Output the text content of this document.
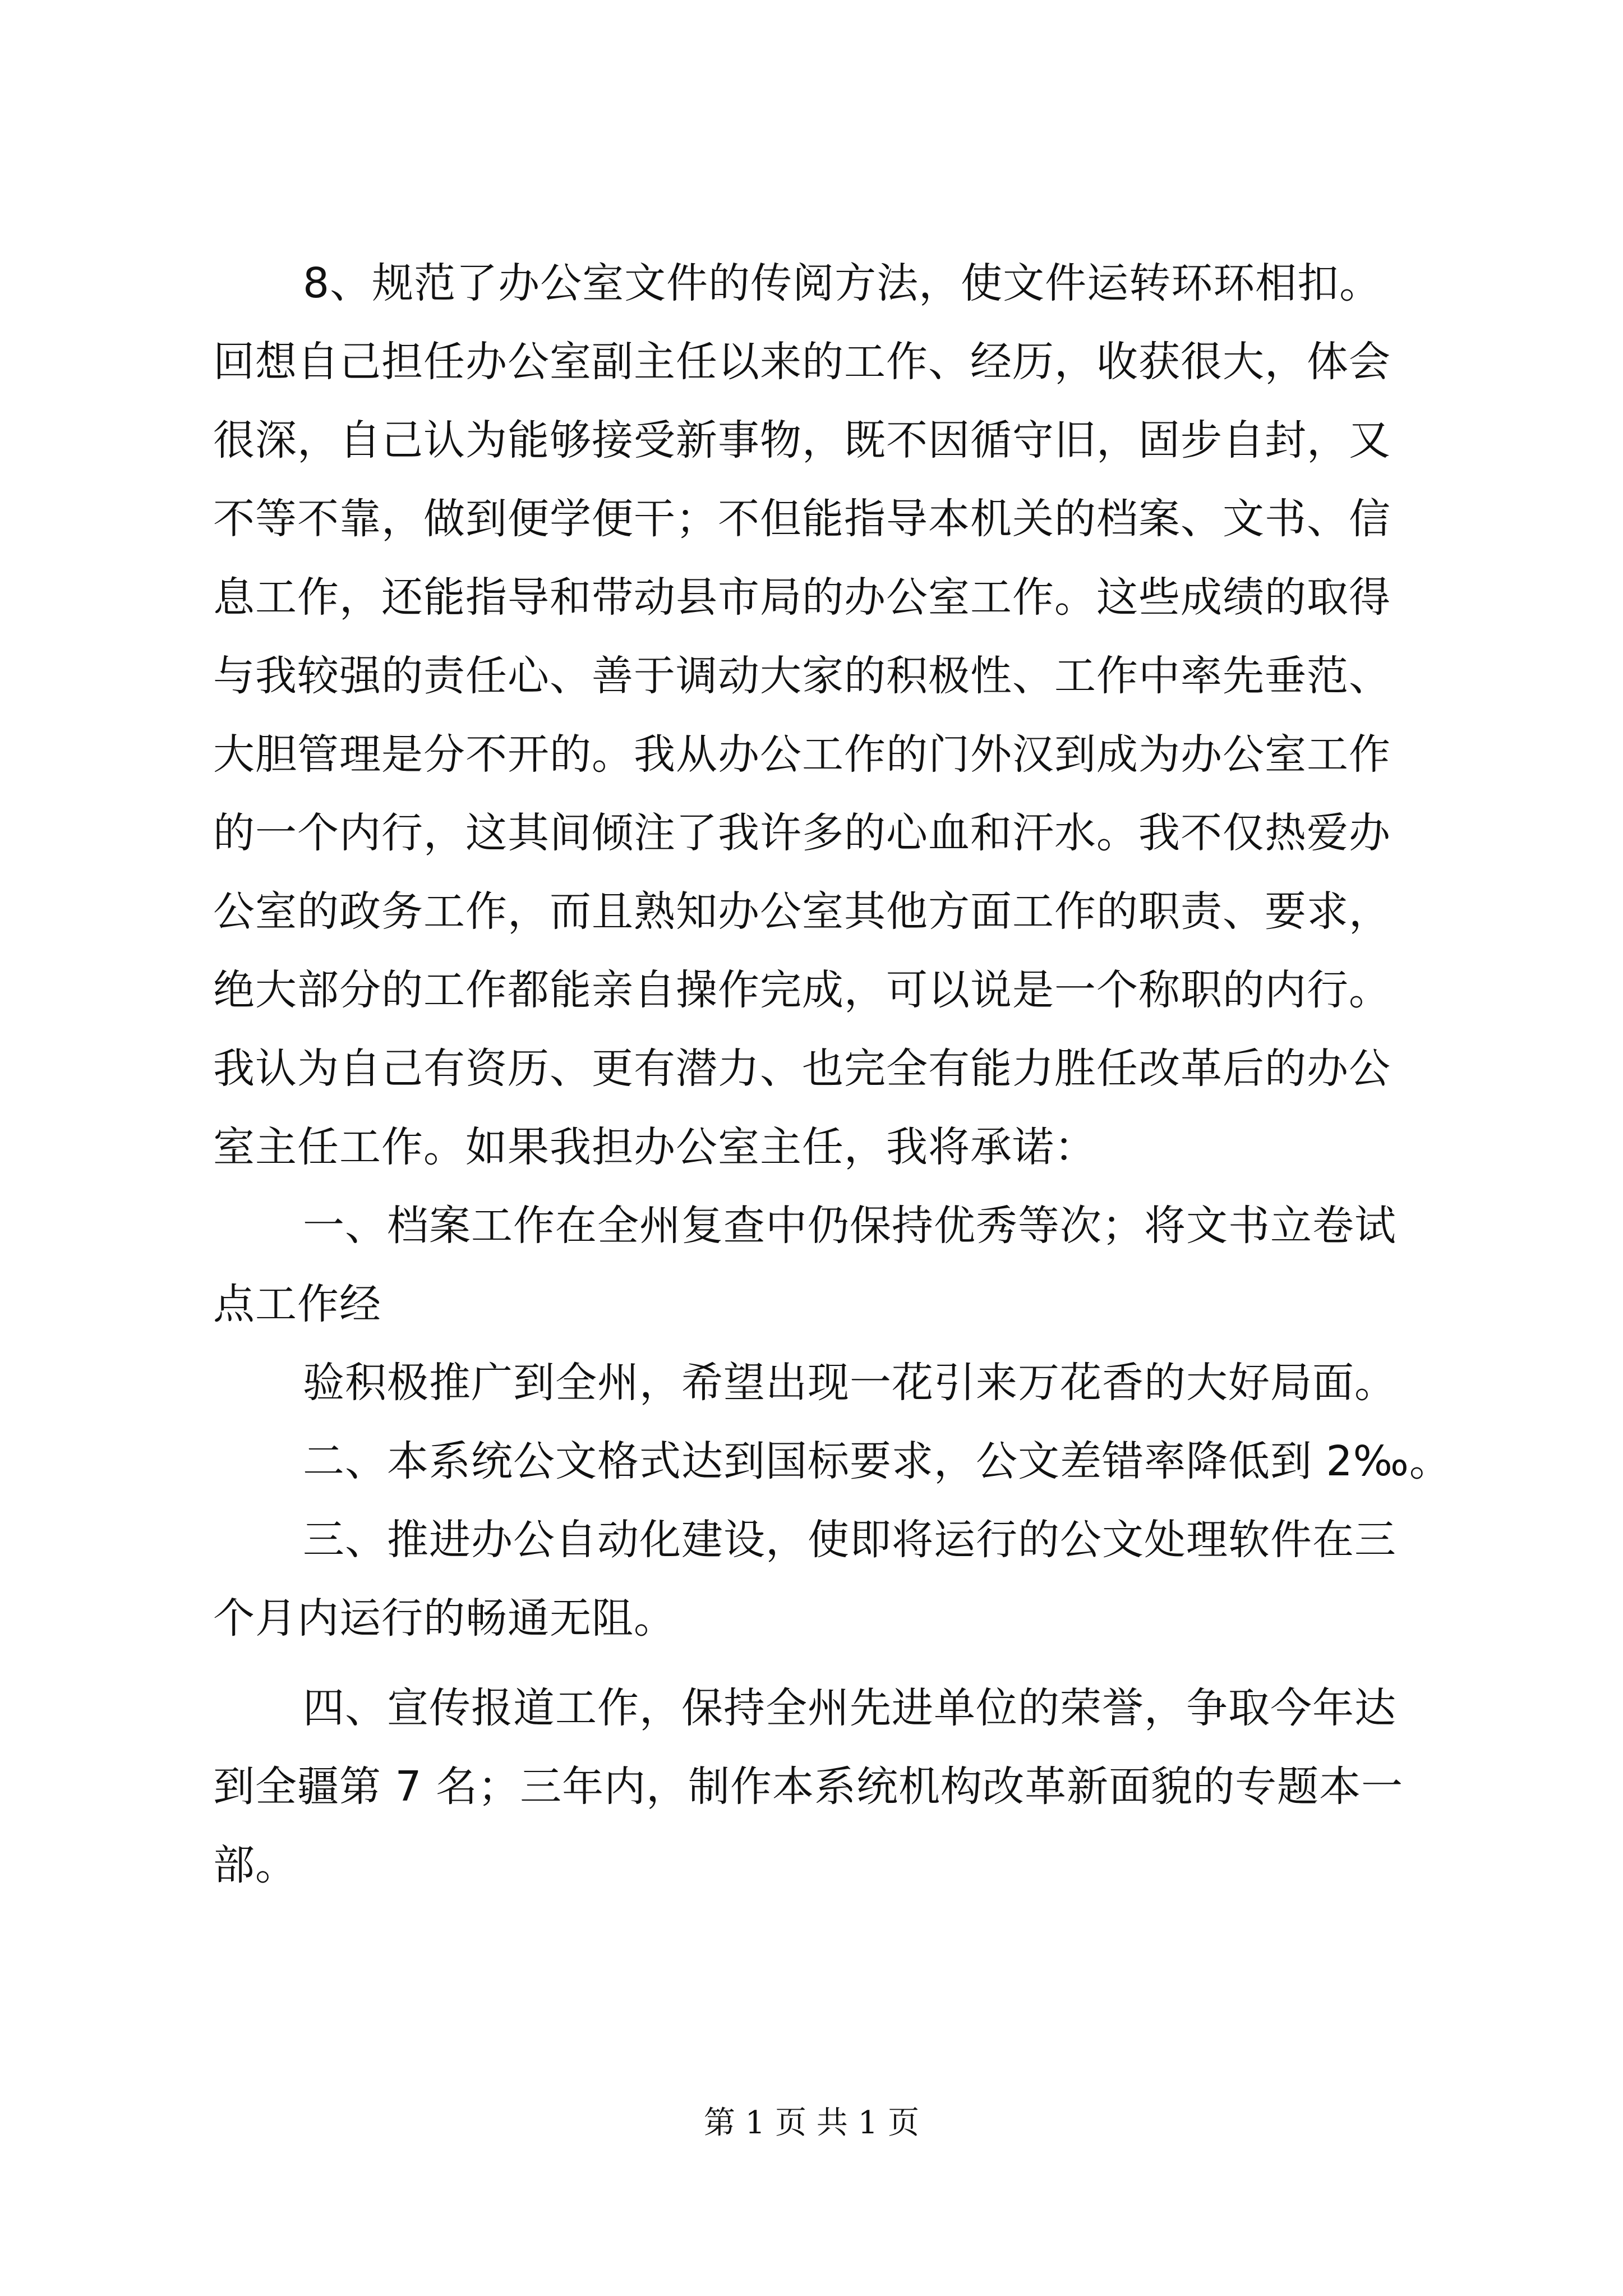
8、规范了办公室文件的传阅方法，使文件运转环环相扣。
回想自己担任办公室副主任以来的工作、经历，收获很大，体会
很深，自己认为能够接受新事物，既不因循守旧，固步自封，又
不等不靠，做到便学便干；不但能指导本机关的档案、文书、信
息工作，还能指导和带动县市局的办公室工作。这些成绩的取得
与我较强的责任心、善于调动大家的积极性、工作中率先垂范、
大胆管理是分不开的。我从办公工作的门外汉到成为办公室工作
的一个内行，这其间倾注了我许多的心血和汗水。我不仅热爱办
公室的政务工作，而且熟知办公室其他方面工作的职责、要求，
绝大部分的工作都能亲自操作完成，可以说是一个称职的内行。
我认为自己有资历、更有潜力、也完全有能力胜任改革后的办公
室主任工作。如果我担办公室主任，我将承诺：
一、档案工作在全州复查中仍保持优秀等次；将文书立卷试
点工作经
验积极推广到全州，希望出现一花引来万花香的大好局面。
二、本系统公文格式达到国标要求，公文差错率降低到 2‰。
三、推进办公自动化建设，使即将运行的公文处理软件在三
个月内运行的畅通无阻。
四、宣传报道工作，保持全州先进单位的荣誉，争取今年达
到全疆第 7 名；三年内，制作本系统机构改革新面貌的专题本一
部。
第 1 页 共 1 页
